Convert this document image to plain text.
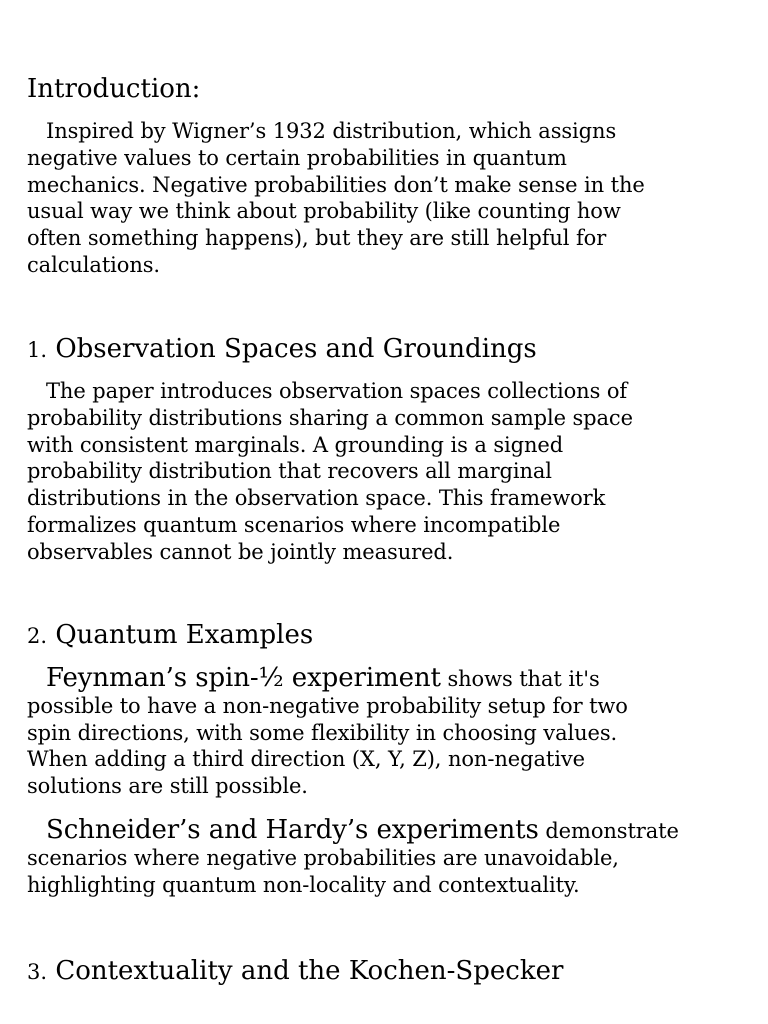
Introduction:
Inspired by Wigner’s 1932 distribution, which assigns
negative values to certain probabilities in quantum
mechanics. Negative probabilities don’t make sense in the
usual way we think about probability (like counting how
often something happens), but they are still helpful for
calculations.
1. Observation Spaces and Groundings
The paper introduces observation spaces collections of
probability distributions sharing a common sample space
with consistent marginals. A grounding is a signed
probability distribution that recovers all marginal
distributions in the observation space. This framework
formalizes quantum scenarios where incompatible
observables cannot be jointly measured.
2. Quantum Examples
Feynman’s spin-½ experiment shows that it's
possible to have a non-negative probability setup for two
spin directions, with some flexibility in choosing values.
When adding a third direction (X, Y, Z), non-negative
solutions are still possible.
Schneider’s and Hardy’s experiments demonstrate
scenarios where negative probabilities are unavoidable,
highlighting quantum non-locality and contextuality.
3. Contextuality and the Kochen-Specker
